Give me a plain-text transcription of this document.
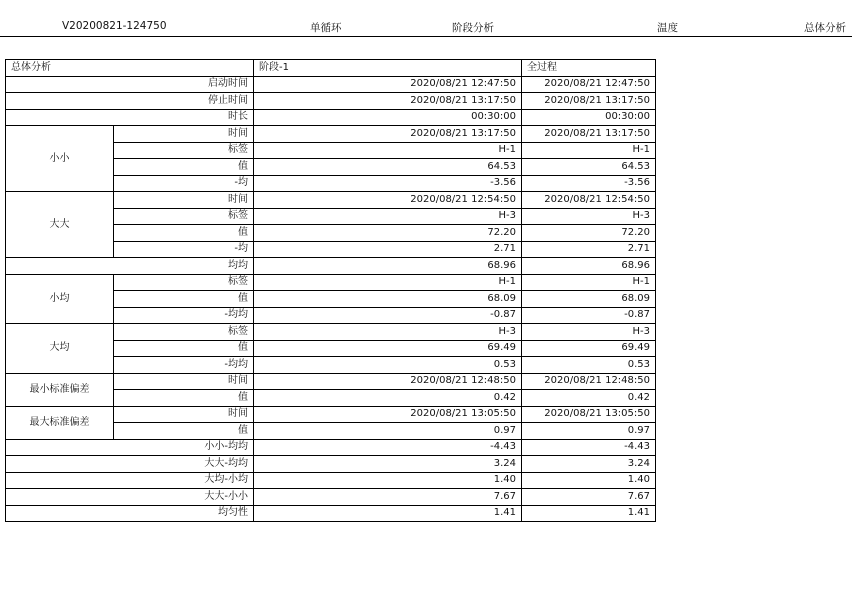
V20200821-124750	单循环	阶段分析	温度	总体分析
总体分析		阶段-1	全过程
启动时间		2020/08/21 12:47:50	2020/08/21 12:47:50
停止时间		2020/08/21 13:17:50	2020/08/21 13:17:50
时长		00:30:00	00:30:00
小小	时间	2020/08/21 13:17:50	2020/08/21 13:17:50
	标签	H-1	H-1
	值	64.53	64.53
	-均	-3.56	-3.56
大大	时间	2020/08/21 12:54:50	2020/08/21 12:54:50
	标签	H-3	H-3
	值	72.20	72.20
	-均	2.71	2.71
均均		68.96	68.96
小均	标签	H-1	H-1
	值	68.09	68.09
	-均均	-0.87	-0.87
大均	标签	H-3	H-3
	值	69.49	69.49
	-均均	0.53	0.53
最小标准偏差	时间	2020/08/21 12:48:50	2020/08/21 12:48:50
	值	0.42	0.42
最大标准偏差	时间	2020/08/21 13:05:50	2020/08/21 13:05:50
	值	0.97	0.97
小小-均均		-4.43	-4.43
大大-均均		3.24	3.24
大均-小均		1.40	1.40
大大-小小		7.67	7.67
均匀性		1.41	1.41
